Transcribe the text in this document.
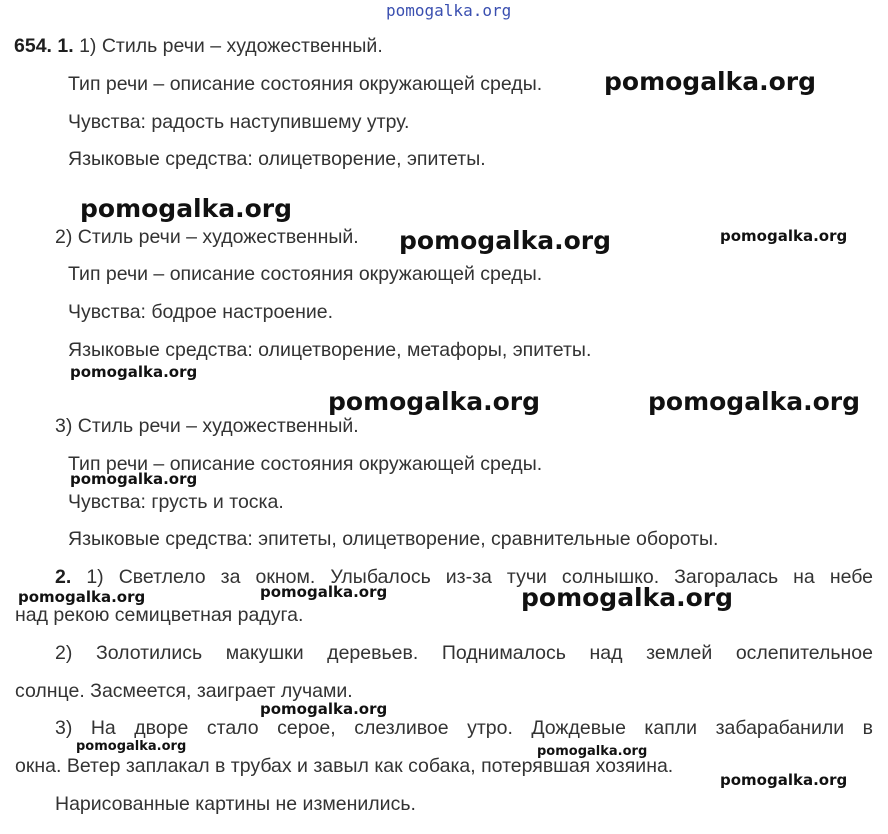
pomogalka.org
654. 1. 1) Стиль речи – художественный.
Тип речи – описание состояния окружающей среды.
Чувства: радость наступившему утру.
Языковые средства: олицетворение, эпитеты.
2) Стиль речи – художественный.
Тип речи – описание состояния окружающей среды.
Чувства: бодрое настроение.
Языковые средства: олицетворение, метафоры, эпитеты.
3) Стиль речи – художественный.
Тип речи – описание состояния окружающей среды.
Чувства: грусть и тоска.
Языковые средства: эпитеты, олицетворение, сравнительные обороты.
2. 1) Светлело за окном. Улыбалось из-за тучи солнышко. Загоралась на небе
над рекою семицветная радуга.
2) Золотились макушки деревьев. Поднималось над землей ослепительное
солнце. Засмеется, заиграет лучами.
3) На дворе стало серое, слезливое утро. Дождевые капли забарабанили в
окна. Ветер заплакал в трубах и завыл как собака, потерявшая хозяина.
Нарисованные картины не изменились.
pomogalka.org
pomogalka.org
pomogalka.org	pomogalka.org
pomogalka.org
pomogalka.org	pomogalka.org
pomogalka.org
pomogalka.org	pomogalka.org	pomogalka.org
pomogalka.org
pomogalka.org	pomogalka.org
pomogalka.org
